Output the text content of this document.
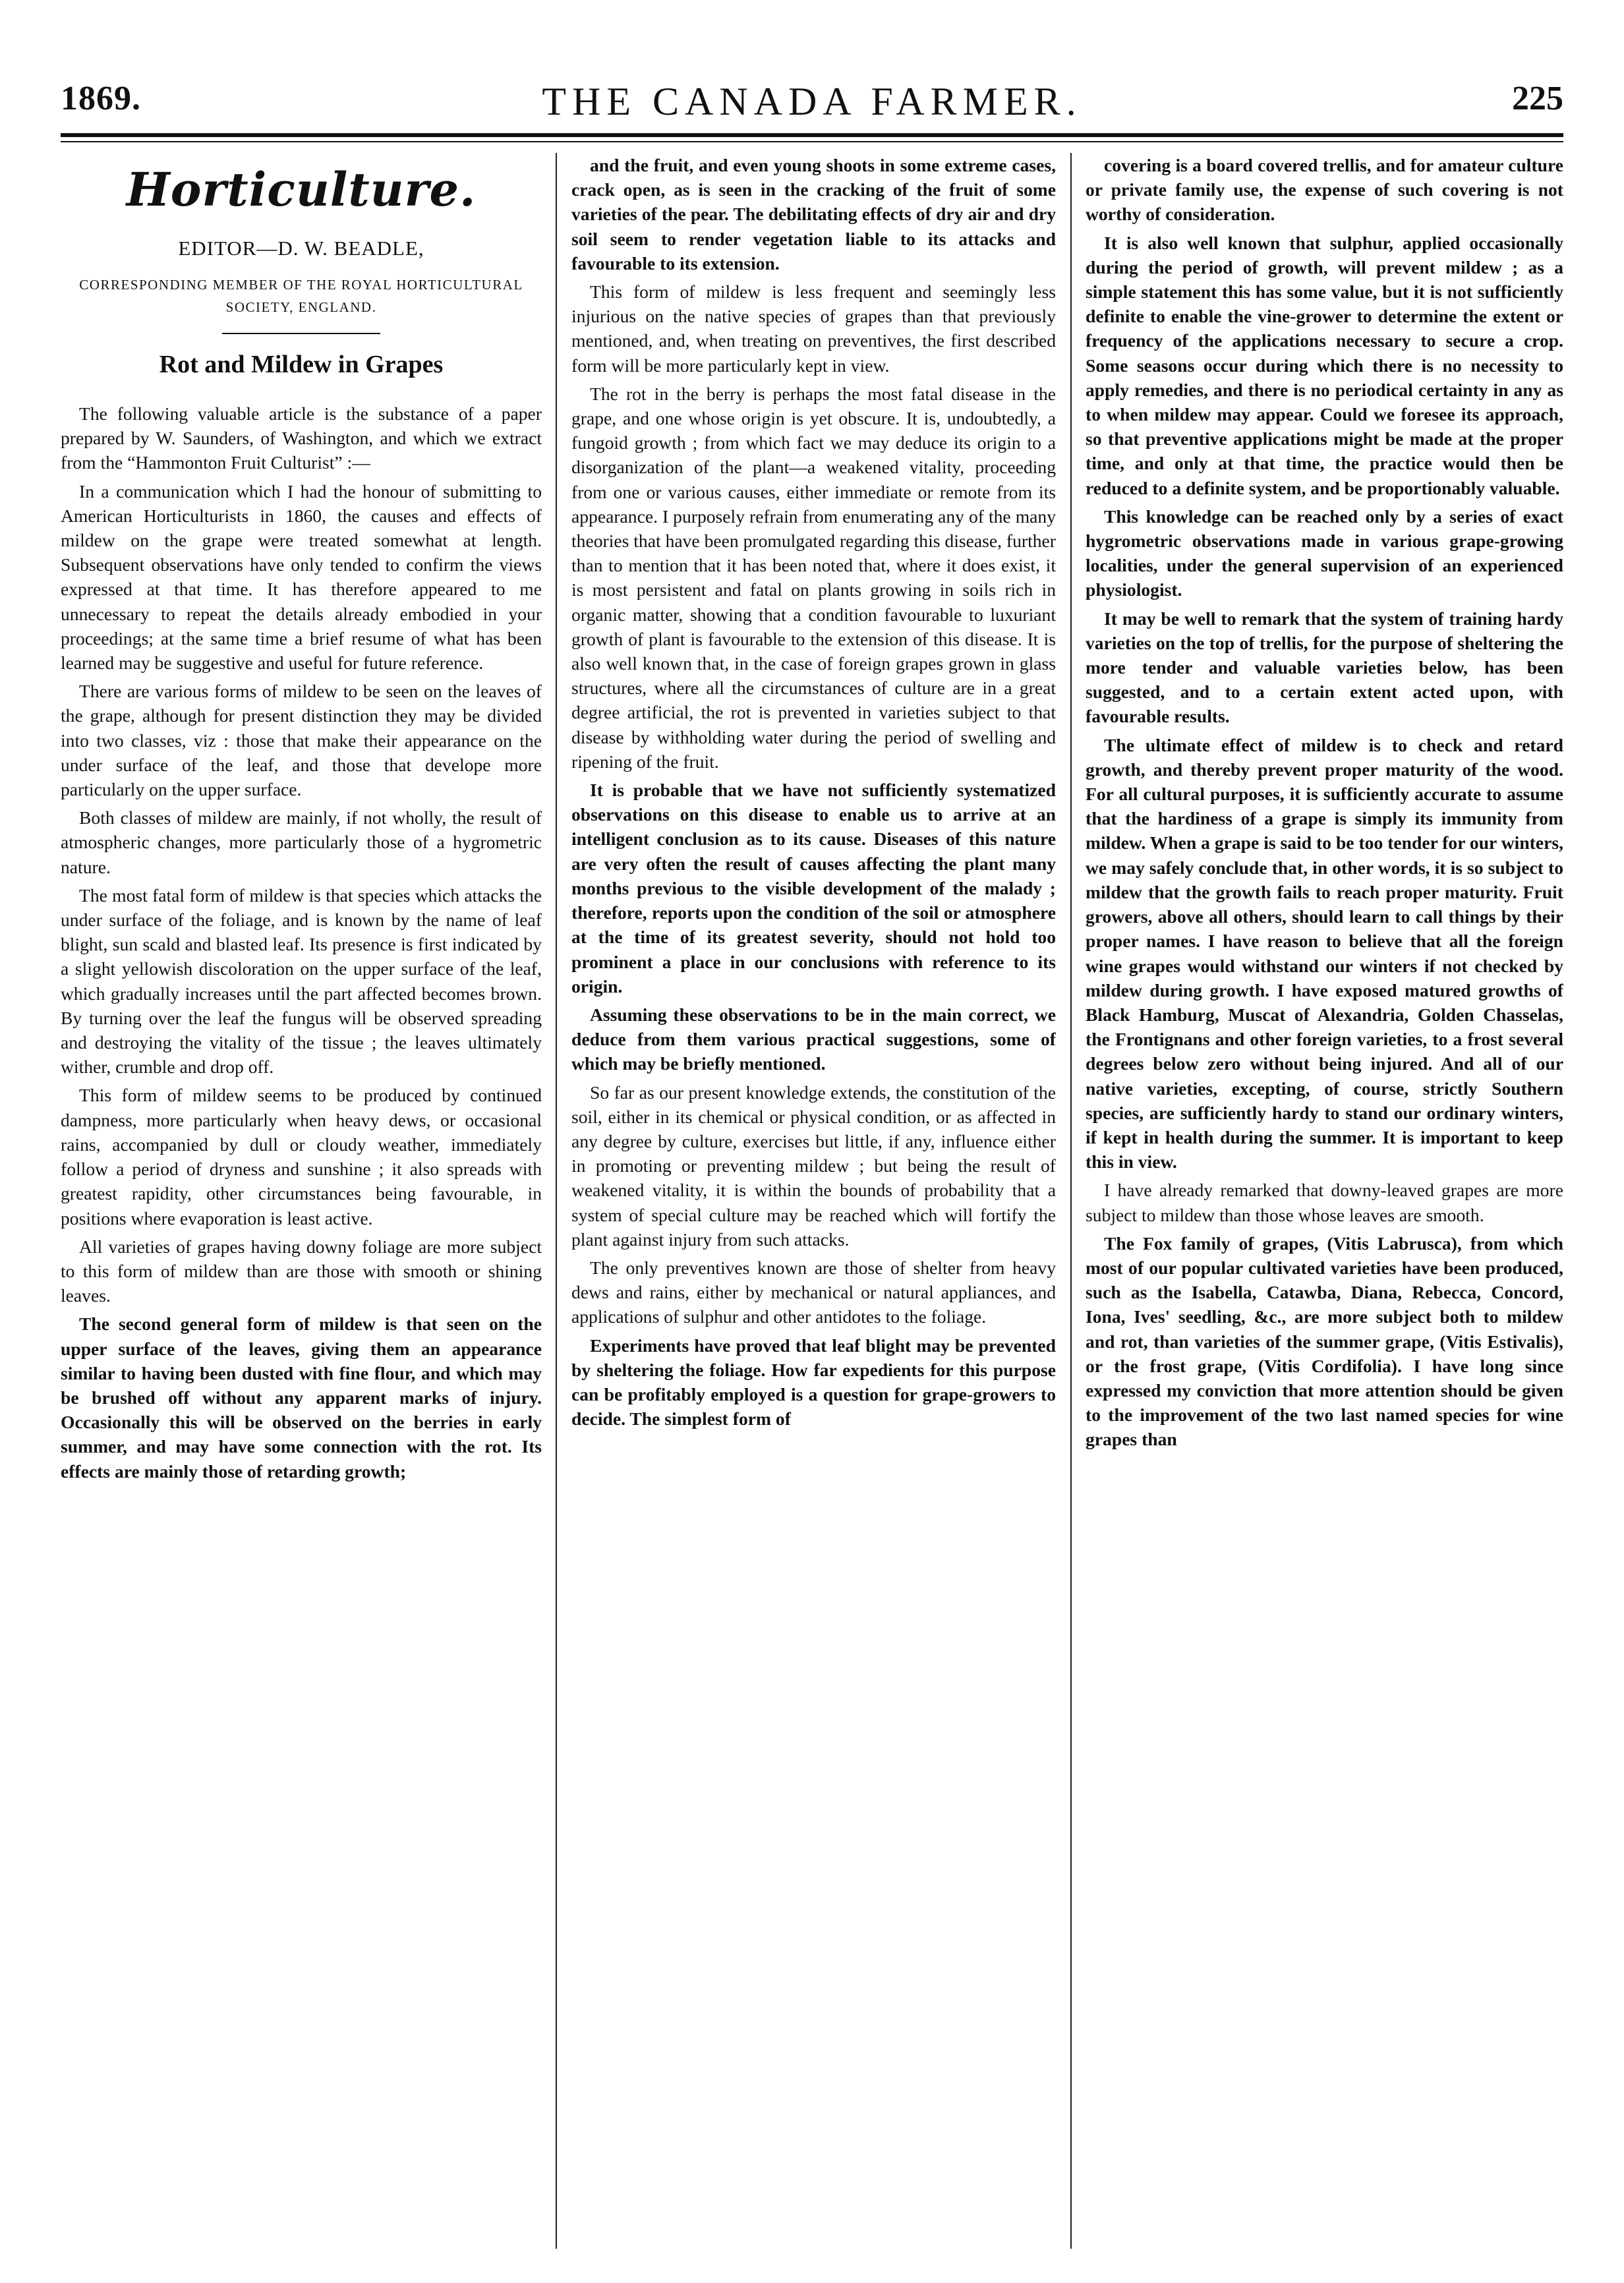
1869.	THE CANADA FARMER.	225
Horticulture.
EDITOR—D. W. BEADLE,
CORRESPONDING MEMBER OF THE ROYAL HORTICULTURAL SOCIETY, ENGLAND.
Rot and Mildew in Grapes

The following valuable article is the substance of a paper prepared by W. Saunders, of Washington, and which we extract from the “Hammonton Fruit Culturist” :—

In a communication which I had the honour of submitting to American Horticulturists in 1860, the causes and effects of mildew on the grape were treated somewhat at length. Subsequent observations have only tended to confirm the views expressed at that time. It has therefore appeared to me unnecessary to repeat the details already embodied in your proceedings; at the same time a brief resume of what has been learned may be suggestive and useful for future reference.

There are various forms of mildew to be seen on the leaves of the grape, although for present distinction they may be divided into two classes, viz : those that make their appearance on the under surface of the leaf, and those that develope more particularly on the upper surface.

Both classes of mildew are mainly, if not wholly, the result of atmospheric changes, more particularly those of a hygrometric nature.

The most fatal form of mildew is that species which attacks the under surface of the foliage, and is known by the name of leaf blight, sun scald and blasted leaf. Its presence is first indicated by a slight yellowish discoloration on the upper surface of the leaf, which gradually increases until the part affected becomes brown. By turning over the leaf the fungus will be observed spreading and destroying the vitality of the tissue ; the leaves ultimately wither, crumble and drop off.

This form of mildew seems to be produced by continued dampness, more particularly when heavy dews, or occasional rains, accompanied by dull or cloudy weather, immediately follow a period of dryness and sunshine ; it also spreads with greatest rapidity, other circumstances being favourable, in positions where evaporation is least active.

All varieties of grapes having downy foliage are more subject to this form of mildew than are those with smooth or shining leaves.

The second general form of mildew is that seen on the upper surface of the leaves, giving them an appearance similar to having been dusted with fine flour, and which may be brushed off without any apparent marks of injury. Occasionally this will be observed on the berries in early summer, and may have some connection with the rot. Its effects are mainly those of retarding growth;

and the fruit, and even young shoots in some extreme cases, crack open, as is seen in the cracking of the fruit of some varieties of the pear. The debilitating effects of dry air and dry soil seem to render vegetation liable to its attacks and favourable to its extension.

This form of mildew is less frequent and seemingly less injurious on the native species of grapes than that previously mentioned, and, when treating on preventives, the first described form will be more particularly kept in view.

The rot in the berry is perhaps the most fatal disease in the grape, and one whose origin is yet obscure. It is, undoubtedly, a fungoid growth ; from which fact we may deduce its origin to a disorganization of the plant—a weakened vitality, proceeding from one or various causes, either immediate or remote from its appearance. I purposely refrain from enumerating any of the many theories that have been promulgated regarding this disease, further than to mention that it has been noted that, where it does exist, it is most persistent and fatal on plants growing in soils rich in organic matter, showing that a condition favourable to luxuriant growth of plant is favourable to the extension of this disease. It is also well known that, in the case of foreign grapes grown in glass structures, where all the circumstances of culture are in a great degree artificial, the rot is prevented in varieties subject to that disease by withholding water during the period of swelling and ripening of the fruit.

It is probable that we have not sufficiently systematized observations on this disease to enable us to arrive at an intelligent conclusion as to its cause. Diseases of this nature are very often the result of causes affecting the plant many months previous to the visible development of the malady ; therefore, reports upon the condition of the soil or atmosphere at the time of its greatest severity, should not hold too prominent a place in our conclusions with reference to its origin.

Assuming these observations to be in the main correct, we deduce from them various practical suggestions, some of which may be briefly mentioned.

So far as our present knowledge extends, the constitution of the soil, either in its chemical or physical condition, or as affected in any degree by culture, exercises but little, if any, influence either in promoting or preventing mildew ; but being the result of weakened vitality, it is within the bounds of probability that a system of special culture may be reached which will fortify the plant against injury from such attacks.

The only preventives known are those of shelter from heavy dews and rains, either by mechanical or natural appliances, and applications of sulphur and other antidotes to the foliage.

Experiments have proved that leaf blight may be prevented by sheltering the foliage. How far expedients for this purpose can be profitably employed is a question for grape-growers to decide. The simplest form of

covering is a board covered trellis, and for amateur culture or private family use, the expense of such covering is not worthy of consideration.

It is also well known that sulphur, applied occasionally during the period of growth, will prevent mildew ; as a simple statement this has some value, but it is not sufficiently definite to enable the vine-grower to determine the extent or frequency of the applications necessary to secure a crop. Some seasons occur during which there is no necessity to apply remedies, and there is no periodical certainty in any as to when mildew may appear. Could we foresee its approach, so that preventive applications might be made at the proper time, and only at that time, the practice would then be reduced to a definite system, and be proportionably valuable.

This knowledge can be reached only by a series of exact hygrometric observations made in various grape-growing localities, under the general supervision of an experienced physiologist.

It may be well to remark that the system of training hardy varieties on the top of trellis, for the purpose of sheltering the more tender and valuable varieties below, has been suggested, and to a certain extent acted upon, with favourable results.

The ultimate effect of mildew is to check and retard growth, and thereby prevent proper maturity of the wood. For all cultural purposes, it is sufficiently accurate to assume that the hardiness of a grape is simply its immunity from mildew. When a grape is said to be too tender for our winters, we may safely conclude that, in other words, it is so subject to mildew that the growth fails to reach proper maturity. Fruit growers, above all others, should learn to call things by their proper names. I have reason to believe that all the foreign wine grapes would withstand our winters if not checked by mildew during growth. I have exposed matured growths of Black Hamburg, Muscat of Alexandria, Golden Chasselas, the Frontignans and other foreign varieties, to a frost several degrees below zero without being injured. And all of our native varieties, excepting, of course, strictly Southern species, are sufficiently hardy to stand our ordinary winters, if kept in health during the summer. It is important to keep this in view.

I have already remarked that downy-leaved grapes are more subject to mildew than those whose leaves are smooth.

The Fox family of grapes, (Vitis Labrusca), from which most of our popular cultivated varieties have been produced, such as the Isabella, Catawba, Diana, Rebecca, Concord, Iona, Ives' seedling, &c., are more subject both to mildew and rot, than varieties of the summer grape, (Vitis Estivalis), or the frost grape, (Vitis Cordifolia). I have long since expressed my conviction that more attention should be given to the improvement of the two last named species for wine grapes than
